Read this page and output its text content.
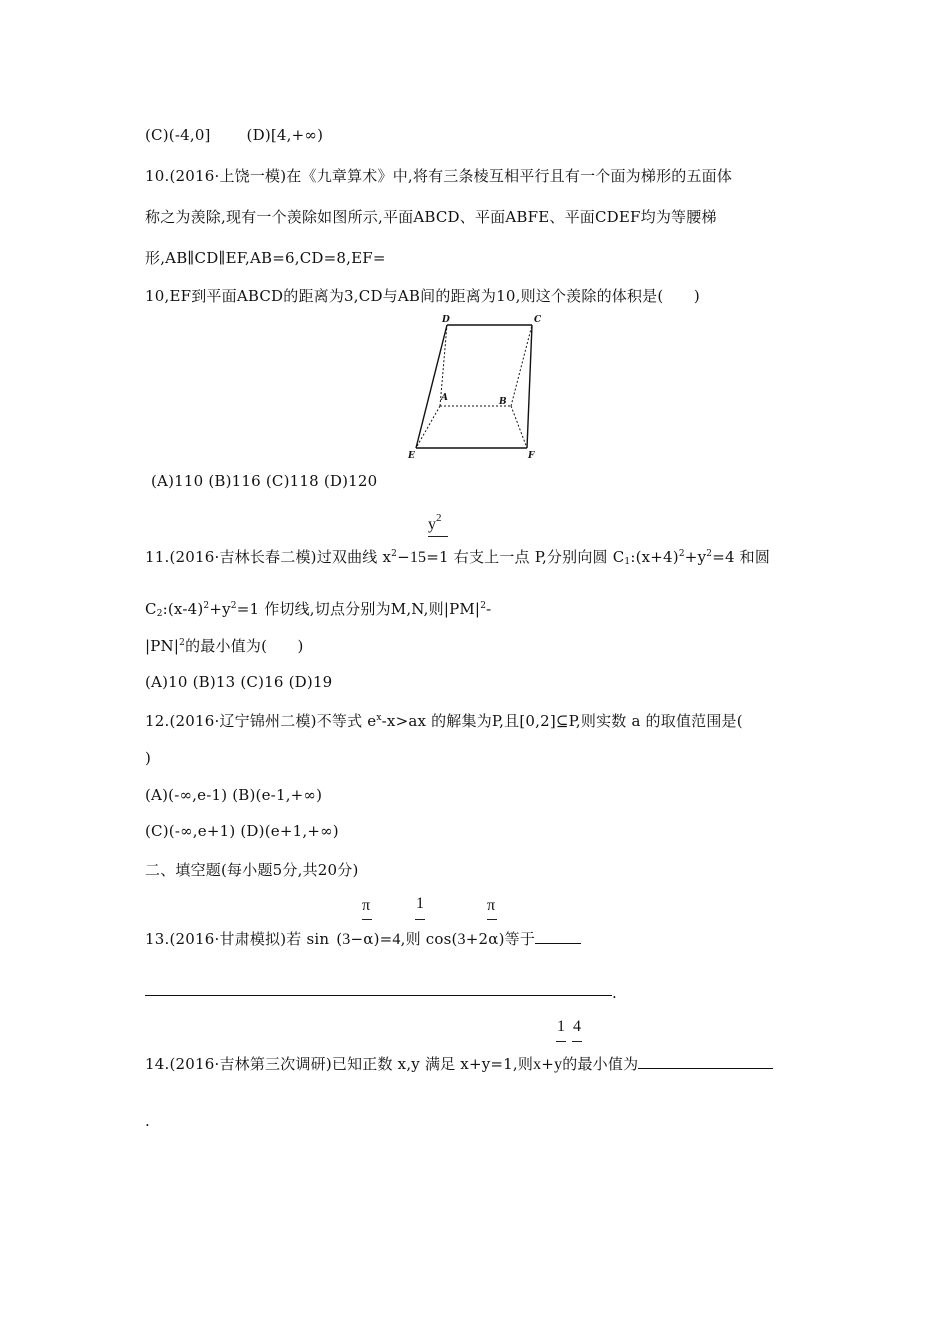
(C)(-4,0] (D)[4,+∞)
10.(2016·上饶一模)在《九章算术》中,将有三条棱互相平行且有一个面为梯形的五面体
称之为羡除,现有一个羡除如图所示,平面ABCD、平面ABFE、平面CDEF均为等腰梯
形,AB∥CD∥EF,AB=6,CD=8,EF=
10,EF到平面ABCD的距离为3,CD与AB间的距离为10,则这个羡除的体积是(　　)
D	C
A	B
E	F
(A)110 (B)116 (C)118 (D)120
$y^2$
11.(2016·吉林长春二模)过双曲线 $x^2-15=1$ 右支上一点 P,分别向圆 $C_1:(x+4)^2+y^2=4$ 和圆
$C_2:(x-4)^2+y^2=1$ 作切线,切点分别为M,N,则$|PM|^2-$
$|PN|^2$的最小值为(　　)
(A)10 (B)13 (C)16 (D)19
12.(2016·辽宁锦州二模)不等式 $e^x-x>ax$ 的解集为P,且[0,2]⊆P,则实数 a 的取值范围是(
)
(A)(-∞,e-1) (B)(e-1,+∞)
(C)(-∞,e+1) (D)(e+1,+∞)
二、填空题(每小题5分,共20分)
π	1	π
13.(2016·甘肃模拟)若 sin (3−α)=4,则 cos(3+2α)等于
.
1 4
14.(2016·吉林第三次调研)已知正数 x,y 满足 x+y=1,则x+y的最小值为
.
